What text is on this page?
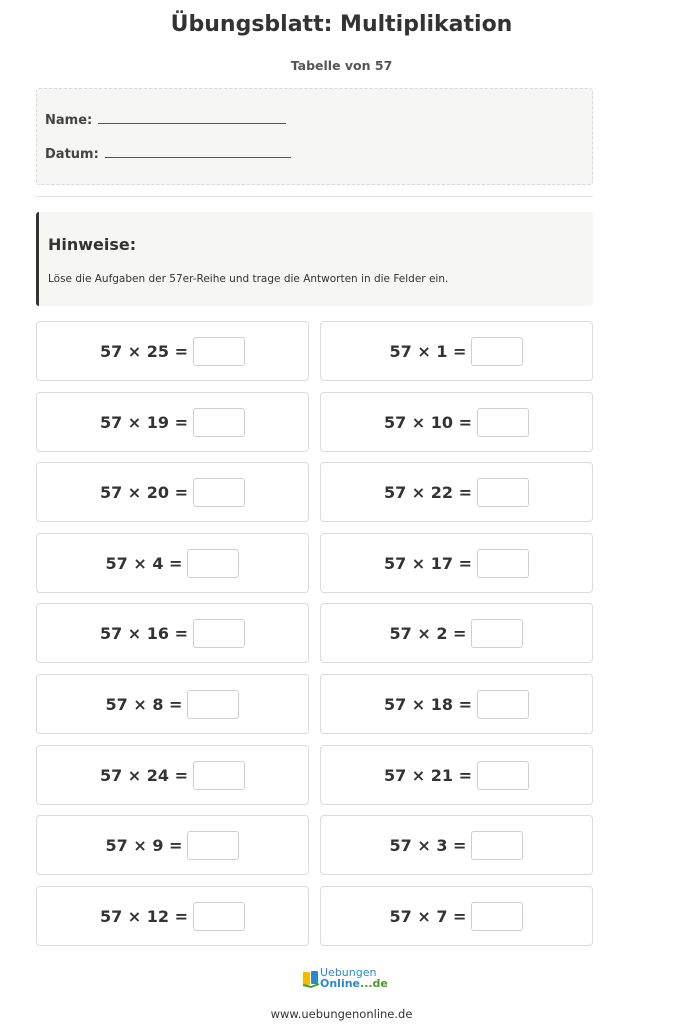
Übungsblatt: Multiplikation
Tabelle von 57
Name:
Datum:
Hinweise:
Löse die Aufgaben der 57er-Reihe und trage die Antworten in die Felder ein.
57 × 25 =	57 × 1 =
57 × 19 =	57 × 10 =
57 × 20 =	57 × 22 =
57 × 4 =	57 × 17 =
57 × 16 =	57 × 2 =
57 × 8 =	57 × 18 =
57 × 24 =	57 × 21 =
57 × 9 =	57 × 3 =
57 × 12 =	57 × 7 =
Uebungen
Online...de
www.uebungenonline.de
